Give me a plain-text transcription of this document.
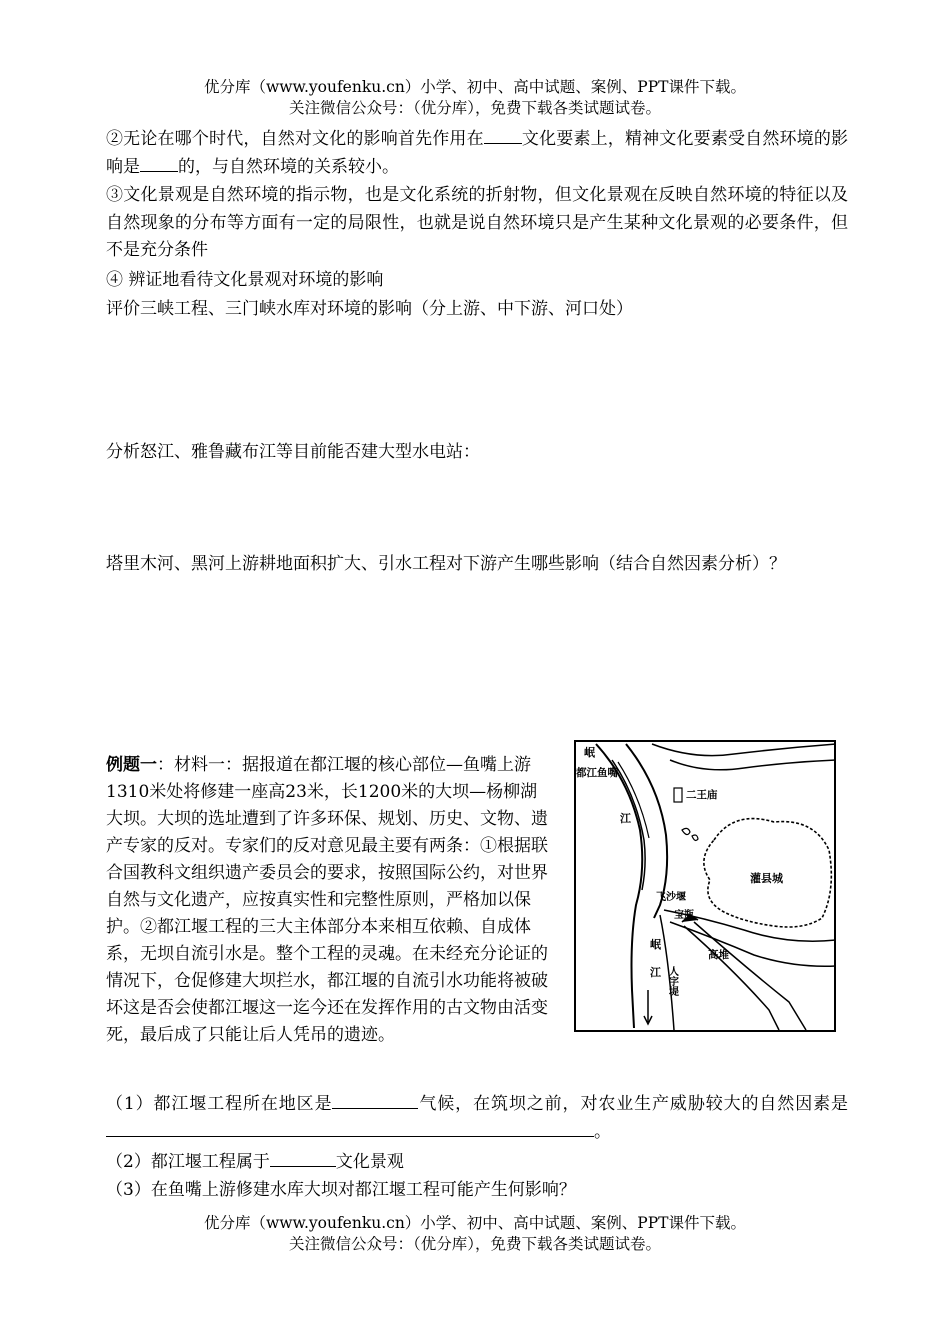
优分库（www.youfenku.cn）小学、初中、高中试题、案例、PPT课件下载。
关注微信公众号：（优分库），免费下载各类试题试卷。
②无论在哪个时代，自然对文化的影响首先作用在 文化要素上，精神文化要素受自然环境的影响是 的，与自然环境的关系较小。
③文化景观是自然环境的指示物，也是文化系统的折射物，但文化景观在反映自然环境的特征以及自然现象的分布等方面有一定的局限性，也就是说自然环境只是产生某种文化景观的必要条件，但不是充分条件
④ 辨证地看待文化景观对环境的影响
评价三峡工程、三门峡水库对环境的影响（分上游、中下游、河口处）
分析怒江、雅鲁藏布江等目前能否建大型水电站：
塔里木河、黑河上游耕地面积扩大、引水工程对下游产生哪些影响（结合自然因素分析）？
例题一：材料一：据报道在都江堰的核心部位—鱼嘴上游1310米处将修建一座高23米，长1200米的大坝—杨柳湖大坝。大坝的选址遭到了许多环保、规划、历史、文物、遗产专家的反对。专家们的反对意见最主要有两条：①根据联合国教科文组织遗产委员会的要求，按照国际公约，对世界自然与文化遗产，应按真实性和完整性原则，严格加以保护。②都江堰工程的三大主体部分本来相互依赖、自成体系，无坝自流引水是。整个工程的灵魂。在未经充分论证的情况下，仓促修建大坝拦水，都江堰的自流引水功能将被破坏这是否会使都江堰这一迄今还在发挥作用的古文物由活变死，最后成了只能让后人凭吊的遗迹。
岷
都江鱼嘴
二王庙
江
灌县城
飞沙堰
宝瓶
岷
江
高堆
人字堤
（1）都江堰工程所在地区是	气候，在筑坝之前，对农业生产威胁较大的自然因素是。
（2）都江堰工程属于	文化景观
（3）在鱼嘴上游修建水库大坝对都江堰工程可能产生何影响？
优分库（www.youfenku.cn）小学、初中、高中试题、案例、PPT课件下载。
关注微信公众号：（优分库），免费下载各类试题试卷。
